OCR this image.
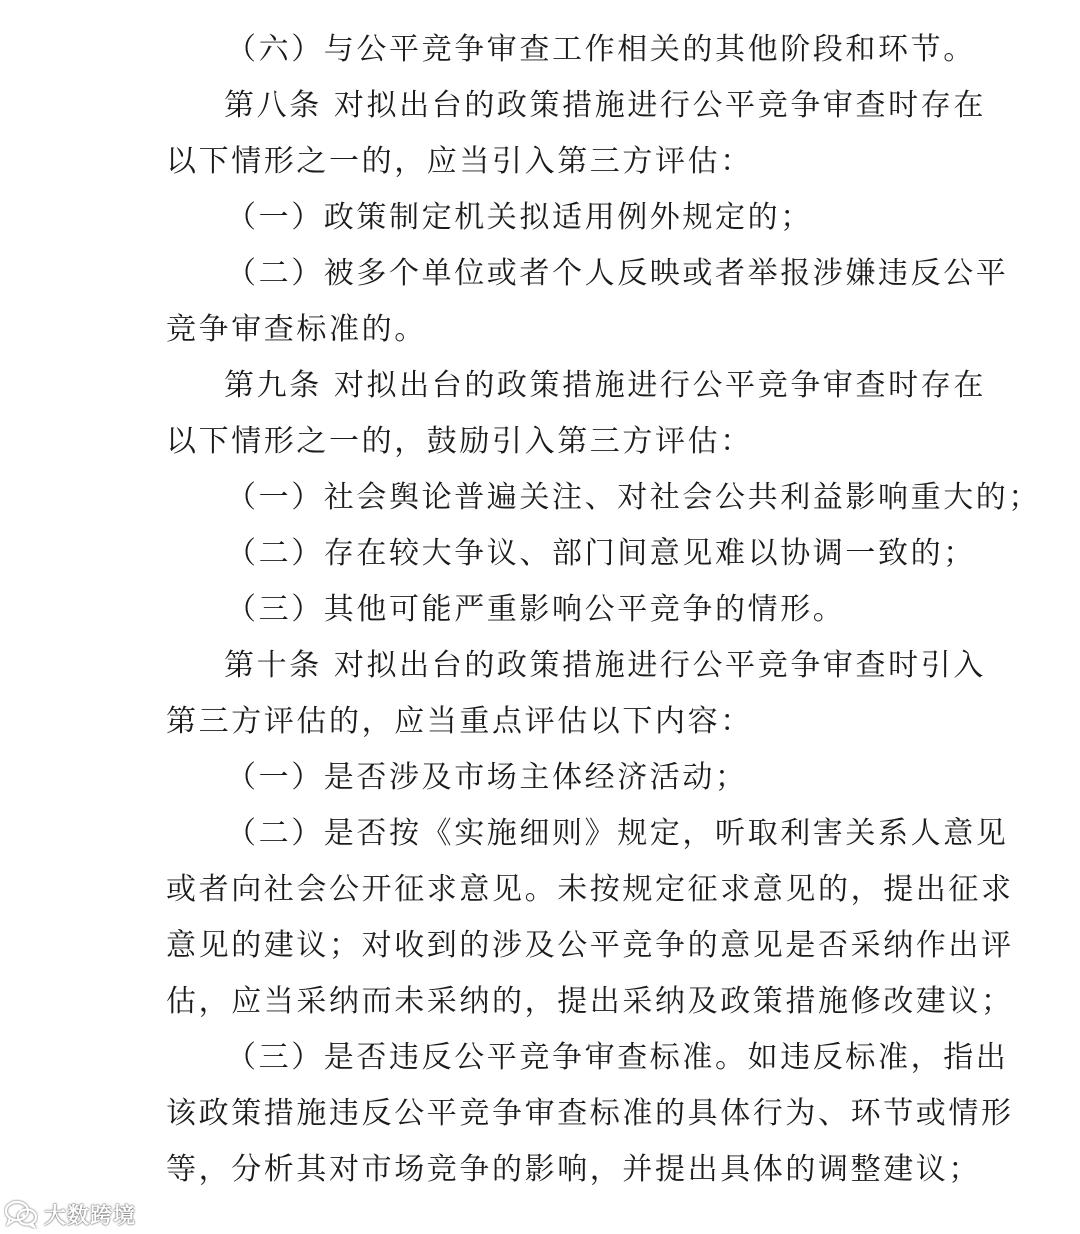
（六）与公平竞争审查工作相关的其他阶段和环节。
第八条 对拟出台的政策措施进行公平竞争审查时存在
以下情形之一的，应当引入第三方评估：
（一）政策制定机关拟适用例外规定的；
（二）被多个单位或者个人反映或者举报涉嫌违反公平
竞争审查标准的。
第九条 对拟出台的政策措施进行公平竞争审查时存在
以下情形之一的，鼓励引入第三方评估：
（一）社会舆论普遍关注、对社会公共利益影响重大的；
（二）存在较大争议、部门间意见难以协调一致的；
（三）其他可能严重影响公平竞争的情形。
第十条 对拟出台的政策措施进行公平竞争审查时引入
第三方评估的，应当重点评估以下内容：
（一）是否涉及市场主体经济活动；
（二）是否按《实施细则》规定，听取利害关系人意见
或者向社会公开征求意见。未按规定征求意见的，提出征求
意见的建议；对收到的涉及公平竞争的意见是否采纳作出评
估，应当采纳而未采纳的，提出采纳及政策措施修改建议；
（三）是否违反公平竞争审查标准。如违反标准，指出
该政策措施违反公平竞争审查标准的具体行为、环节或情形
等，分析其对市场竞争的影响，并提出具体的调整建议；
大数跨境
